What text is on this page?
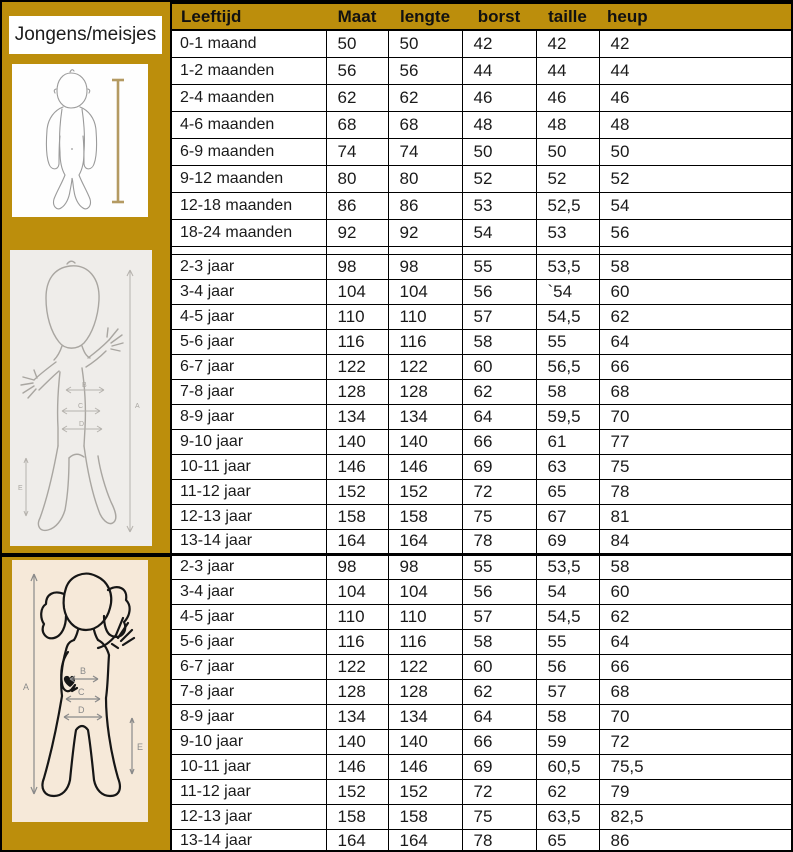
Jongens/meisjes
A
B
C
D
E
A
B
C
D
E
Leeftijd	Maat	lengte	borst	taille	heup
0-1 maand	50	50	42	42	42
1-2 maanden	56	56	44	44	44
2-4 maanden	62	62	46	46	46
4-6 maanden	68	68	48	48	48
6-9 maanden	74	74	50	50	50
9-12 maanden	80	80	52	52	52
12-18 maanden	86	86	53	52,5	54
18-24 maanden	92	92	54	53	56

2-3 jaar	98	98	55	53,5	58
3-4 jaar	104	104	56	`54	60
4-5 jaar	110	110	57	54,5	62
5-6 jaar	116	116	58	55	64
6-7 jaar	122	122	60	56,5	66
7-8 jaar	128	128	62	58	68
8-9 jaar	134	134	64	59,5	70
9-10 jaar	140	140	66	61	77
10-11 jaar	146	146	69	63	75
11-12 jaar	152	152	72	65	78
12-13 jaar	158	158	75	67	81
13-14 jaar	164	164	78	69	84
2-3 jaar	98	98	55	53,5	58
3-4 jaar	104	104	56	54	60
4-5 jaar	110	110	57	54,5	62
5-6 jaar	116	116	58	55	64
6-7 jaar	122	122	60	56	66
7-8 jaar	128	128	62	57	68
8-9 jaar	134	134	64	58	70
9-10 jaar	140	140	66	59	72
10-11 jaar	146	146	69	60,5	75,5
11-12 jaar	152	152	72	62	79
12-13 jaar	158	158	75	63,5	82,5
13-14 jaar	164	164	78	65	86
